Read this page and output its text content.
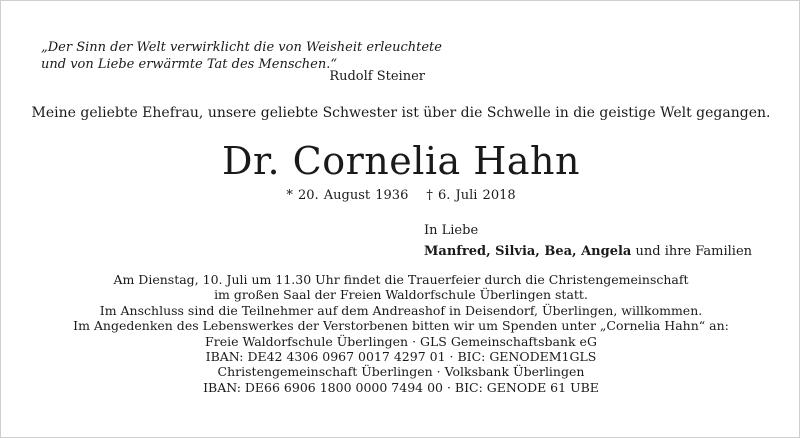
„Der Sinn der Welt verwirklicht die von Weisheit erleuchtete
und von Liebe erwärmte Tat des Menschen.“
Rudolf Steiner
Meine geliebte Ehefrau, unsere geliebte Schwester ist über die Schwelle in die geistige Welt gegangen.
Dr. Cornelia Hahn
* 20. August 1936 † 6. Juli 2018
In Liebe
Manfred, Silvia, Bea, Angela und ihre Familien
Am Dienstag, 10. Juli um 11.30 Uhr findet die Trauerfeier durch die Christengemeinschaft
im großen Saal der Freien Waldorfschule Überlingen statt.
Im Anschluss sind die Teilnehmer auf dem Andreashof in Deisendorf, Überlingen, willkommen.
Im Angedenken des Lebenswerkes der Verstorbenen bitten wir um Spenden unter „Cornelia Hahn“ an:
Freie Waldorfschule Überlingen · GLS Gemeinschaftsbank eG
IBAN: DE42 4306 0967 0017 4297 01 · BIC: GENODEM1GLS
Christengemeinschaft Überlingen · Volksbank Überlingen
IBAN: DE66 6906 1800 0000 7494 00 · BIC: GENODE 61 UBE
